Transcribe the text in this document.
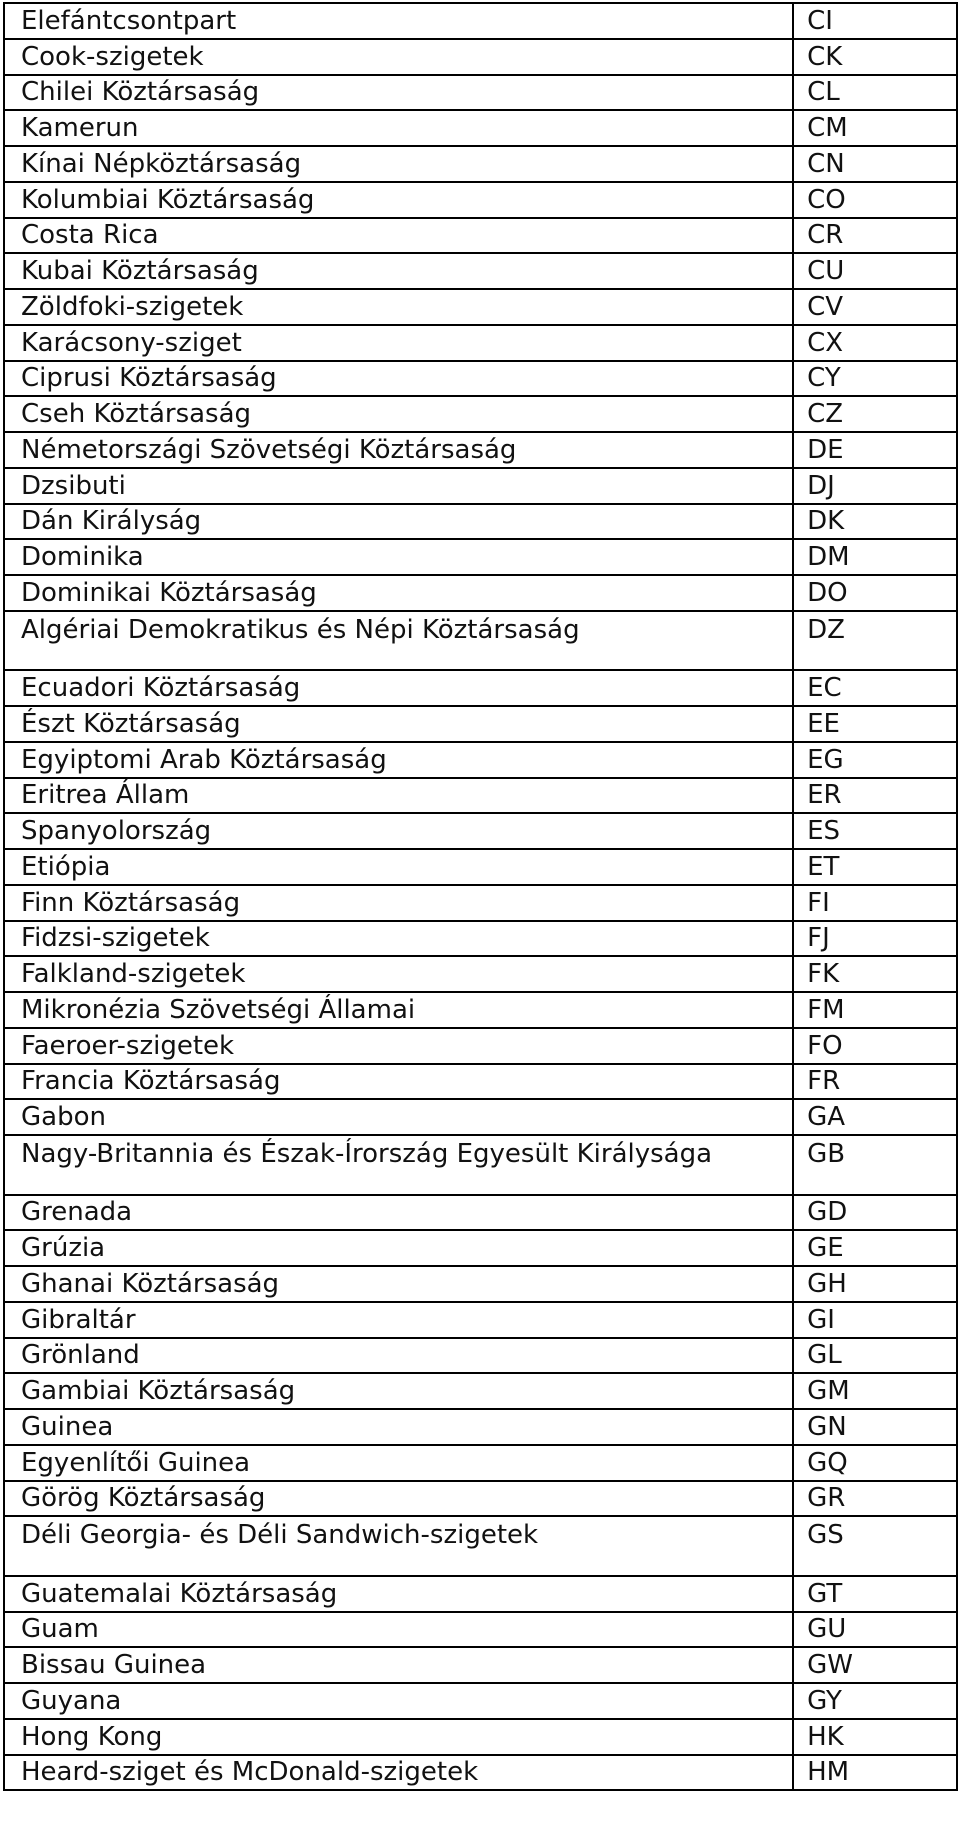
Elefántcsontpart	CI
Cook-szigetek	CK
Chilei Köztársaság	CL
Kamerun	CM
Kínai Népköztársaság	CN
Kolumbiai Köztársaság	CO
Costa Rica	CR
Kubai Köztársaság	CU
Zöldfoki-szigetek	CV
Karácsony-sziget	CX
Ciprusi Köztársaság	CY
Cseh Köztársaság	CZ
Németországi Szövetségi Köztársaság	DE
Dzsibuti	DJ
Dán Királyság	DK
Dominika	DM
Dominikai Köztársaság	DO
Algériai Demokratikus és Népi Köztársaság	DZ
Ecuadori Köztársaság	EC
Észt Köztársaság	EE
Egyiptomi Arab Köztársaság	EG
Eritrea Állam	ER
Spanyolország	ES
Etiópia	ET
Finn Köztársaság	FI
Fidzsi-szigetek	FJ
Falkland-szigetek	FK
Mikronézia Szövetségi Államai	FM
Faeroer-szigetek	FO
Francia Köztársaság	FR
Gabon	GA
Nagy-Britannia és Észak-Írország Egyesült Királysága	GB
Grenada	GD
Grúzia	GE
Ghanai Köztársaság	GH
Gibraltár	GI
Grönland	GL
Gambiai Köztársaság	GM
Guinea	GN
Egyenlítői Guinea	GQ
Görög Köztársaság	GR
Déli Georgia- és Déli Sandwich-szigetek	GS
Guatemalai Köztársaság	GT
Guam	GU
Bissau Guinea	GW
Guyana	GY
Hong Kong	HK
Heard-sziget és McDonald-szigetek	HM
